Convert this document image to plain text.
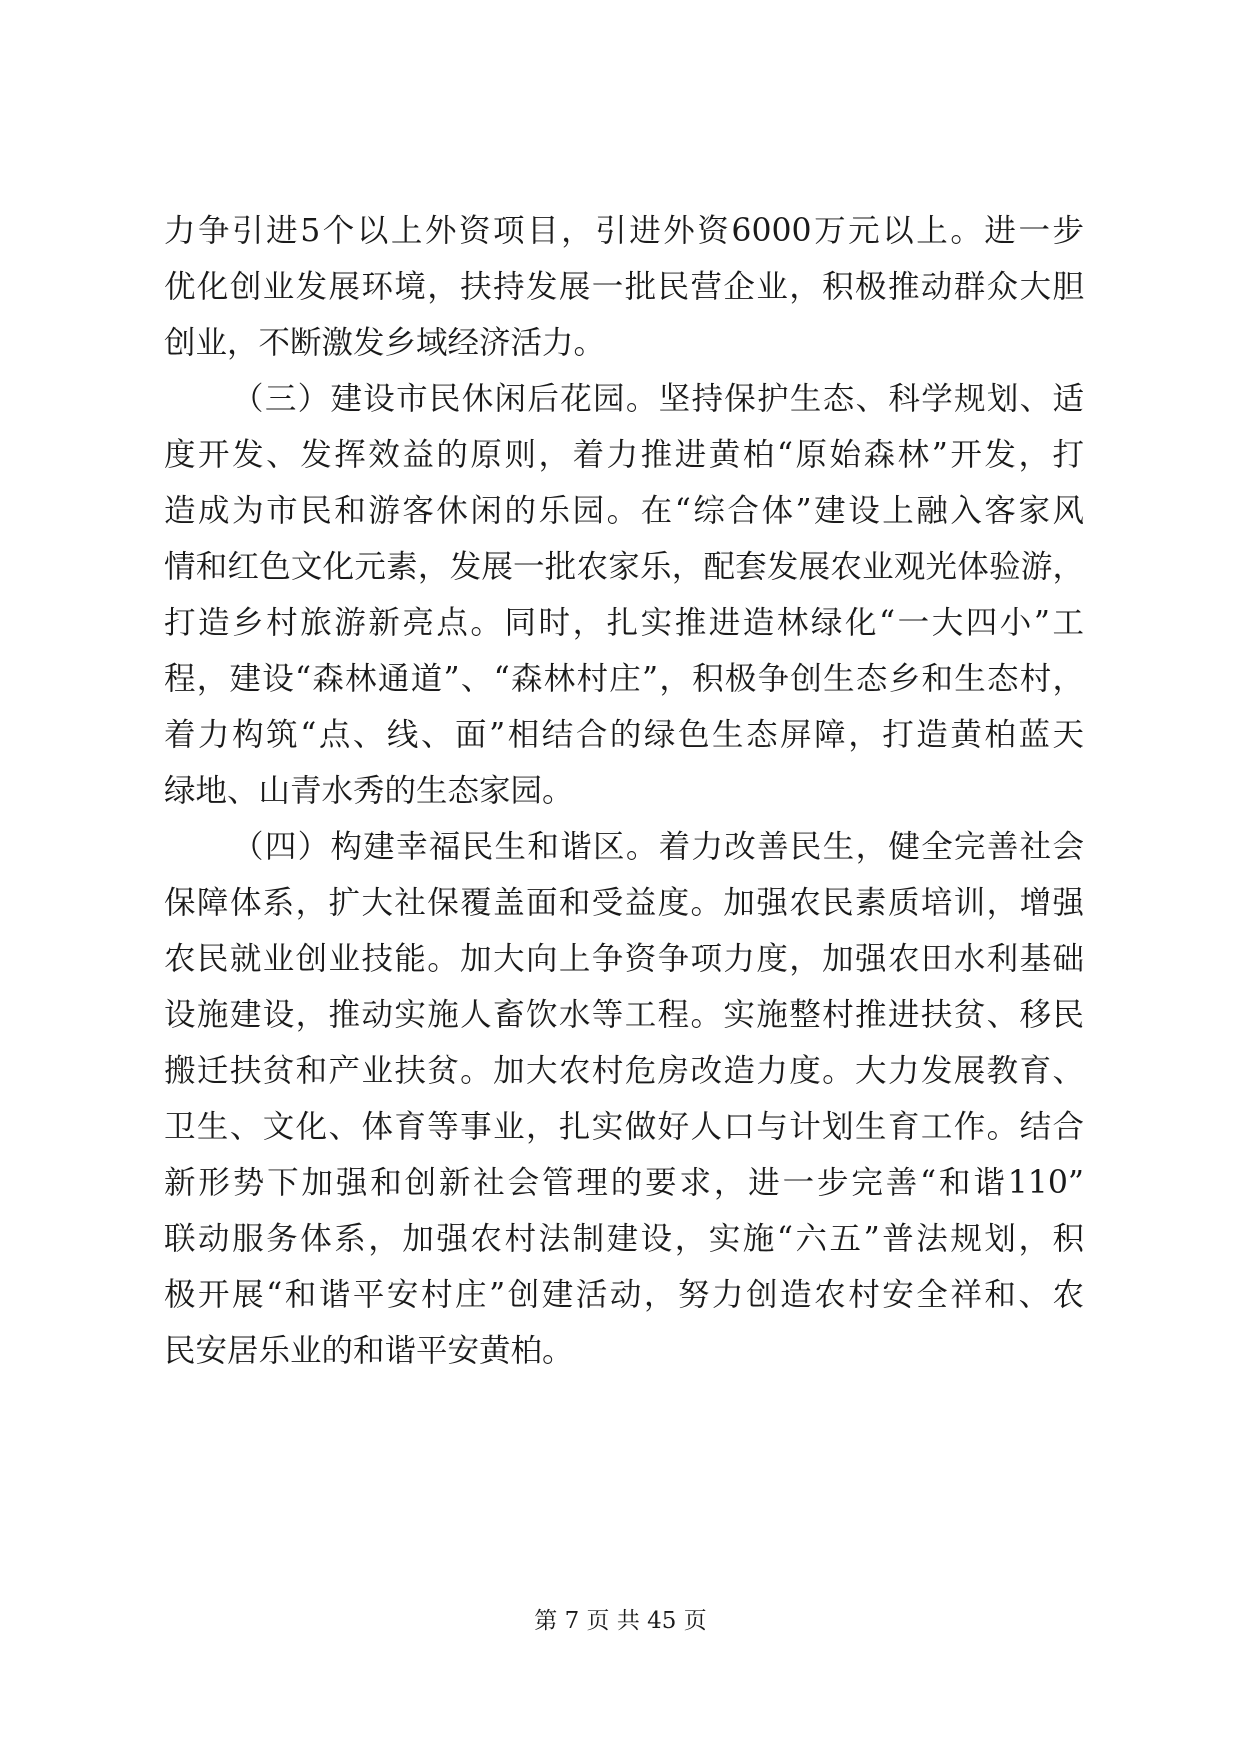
力争引进5个以上外资项目，引进外资6000万元以上。进一步
优化创业发展环境，扶持发展一批民营企业，积极推动群众大胆
创业，不断激发乡域经济活力。
（三）建设市民休闲后花园。坚持保护生态、科学规划、适
度开发、发挥效益的原则，着力推进黄柏“原始森林”开发，打
造成为市民和游客休闲的乐园。在“综合体”建设上融入客家风
情和红色文化元素，发展一批农家乐，配套发展农业观光体验游，
打造乡村旅游新亮点。同时，扎实推进造林绿化“一大四小”工
程，建设“森林通道”、“森林村庄”，积极争创生态乡和生态村，
着力构筑“点、线、面”相结合的绿色生态屏障，打造黄柏蓝天
绿地、山青水秀的生态家园。
（四）构建幸福民生和谐区。着力改善民生，健全完善社会
保障体系，扩大社保覆盖面和受益度。加强农民素质培训，增强
农民就业创业技能。加大向上争资争项力度，加强农田水利基础
设施建设，推动实施人畜饮水等工程。实施整村推进扶贫、移民
搬迁扶贫和产业扶贫。加大农村危房改造力度。大力发展教育、
卫生、文化、体育等事业，扎实做好人口与计划生育工作。结合
新形势下加强和创新社会管理的要求，进一步完善“和谐110”
联动服务体系，加强农村法制建设，实施“六五”普法规划，积
极开展“和谐平安村庄”创建活动，努力创造农村安全祥和、农
民安居乐业的和谐平安黄柏。
第 7 页 共 45 页
